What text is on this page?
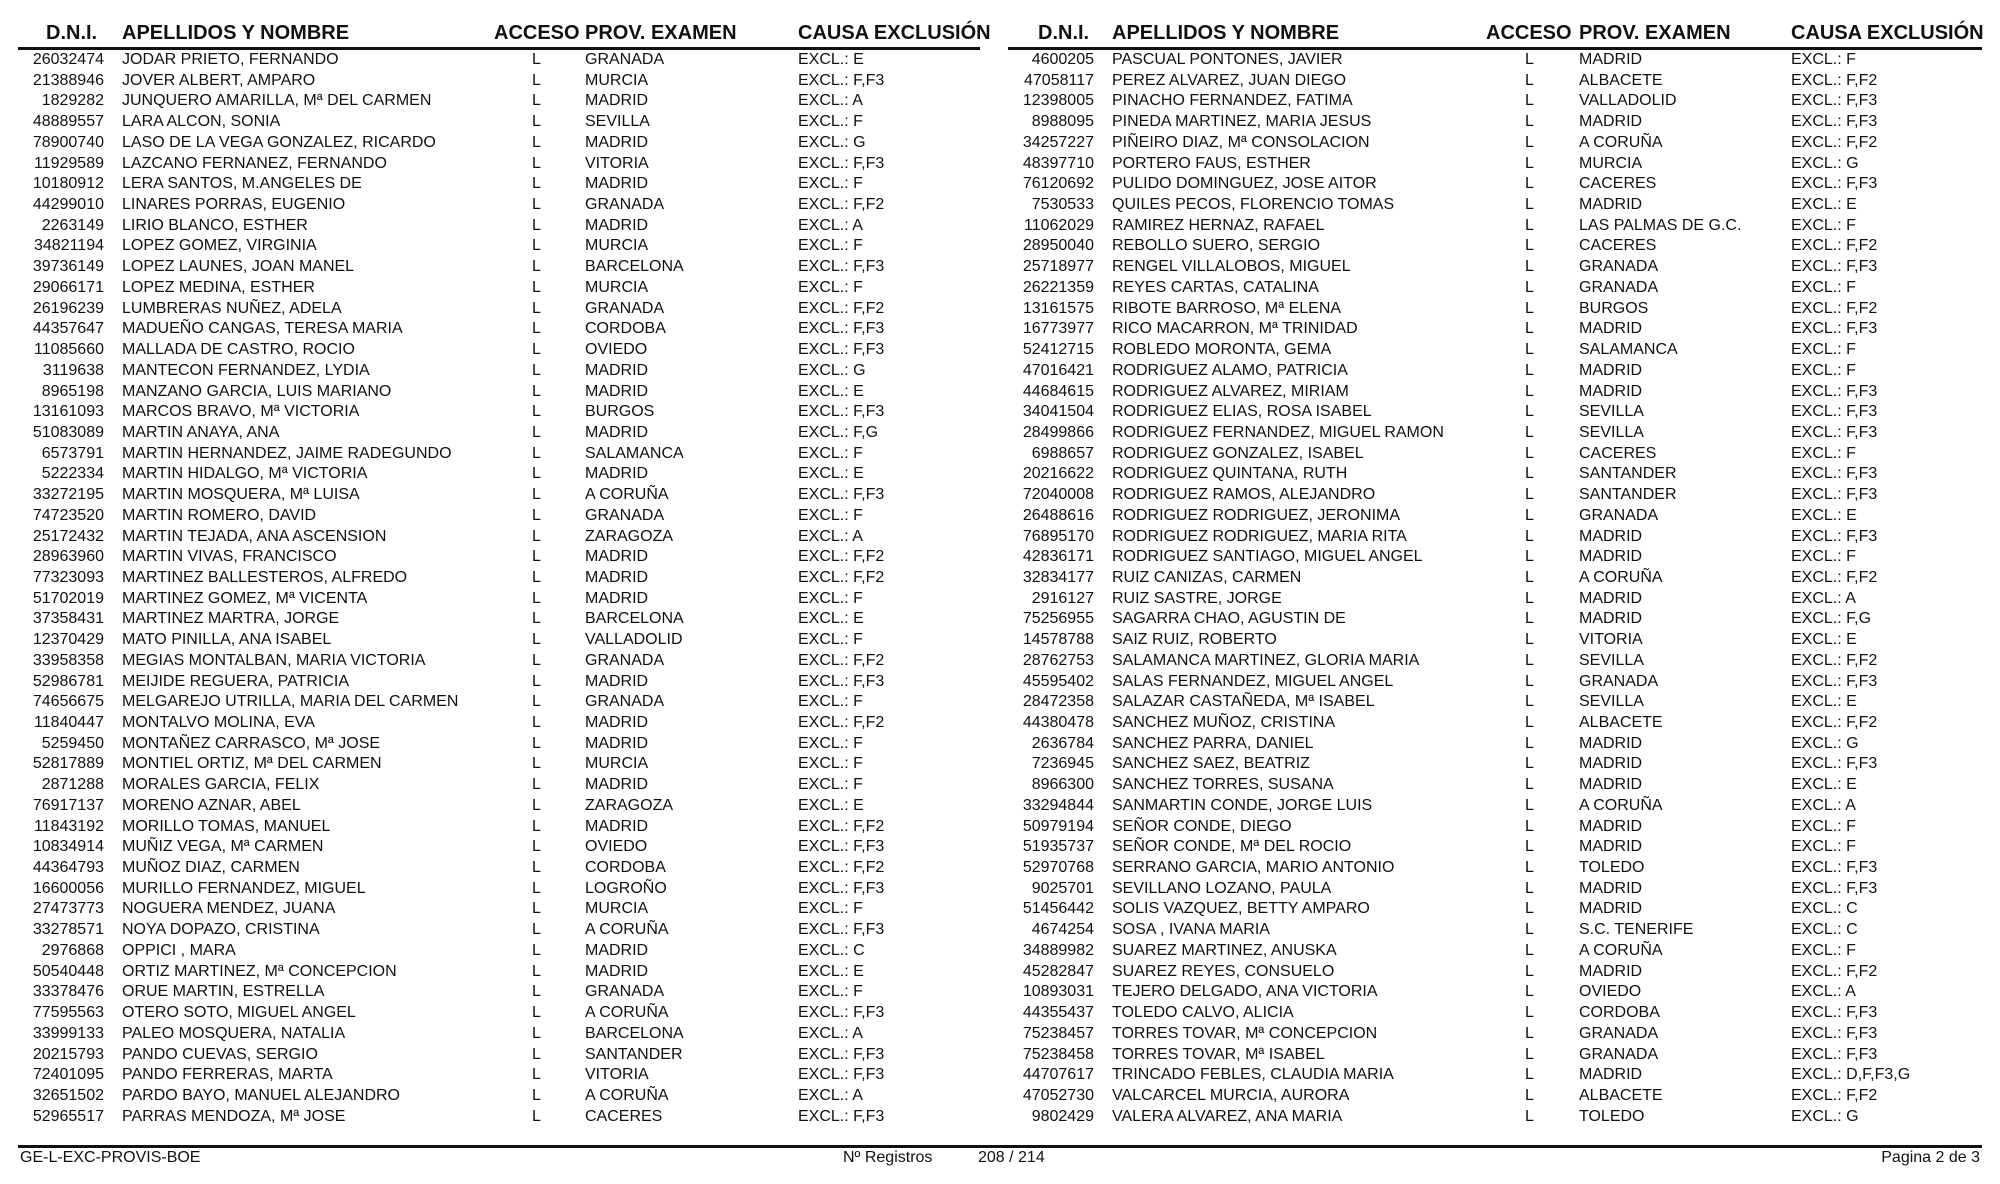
D.N.I. APELLIDOS Y NOMBRE	ACCESO PROV. EXAMEN	CAUSA EXCLUSIÓN
26032474 JODAR PRIETO, FERNANDO	L	GRANADA	EXCL.: E
21388946 JOVER ALBERT, AMPARO	L	MURCIA	EXCL.: F,F3
1829282 JUNQUERO AMARILLA, Mª DEL CARMEN	L	MADRID	EXCL.: A
48889557 LARA ALCON, SONIA	L	SEVILLA	EXCL.: F
78900740 LASO DE LA VEGA GONZALEZ, RICARDO	L	MADRID	EXCL.: G
11929589 LAZCANO FERNANEZ, FERNANDO	L	VITORIA	EXCL.: F,F3
10180912 LERA SANTOS, M.ANGELES DE	L	MADRID	EXCL.: F
44299010 LINARES PORRAS, EUGENIO	L	GRANADA	EXCL.: F,F2
2263149 LIRIO BLANCO, ESTHER	L	MADRID	EXCL.: A
34821194 LOPEZ GOMEZ, VIRGINIA	L	MURCIA	EXCL.: F
39736149 LOPEZ LAUNES, JOAN MANEL	L	BARCELONA	EXCL.: F,F3
29066171 LOPEZ MEDINA, ESTHER	L	MURCIA	EXCL.: F
26196239 LUMBRERAS NUÑEZ, ADELA	L	GRANADA	EXCL.: F,F2
44357647 MADUEÑO CANGAS, TERESA MARIA	L	CORDOBA	EXCL.: F,F3
11085660 MALLADA DE CASTRO, ROCIO	L	OVIEDO	EXCL.: F,F3
3119638 MANTECON FERNANDEZ, LYDIA	L	MADRID	EXCL.: G
8965198 MANZANO GARCIA, LUIS MARIANO	L	MADRID	EXCL.: E
13161093 MARCOS BRAVO, Mª VICTORIA	L	BURGOS	EXCL.: F,F3
51083089 MARTIN ANAYA, ANA	L	MADRID	EXCL.: F,G
6573791 MARTIN HERNANDEZ, JAIME RADEGUNDO	L	SALAMANCA	EXCL.: F
5222334 MARTIN HIDALGO, Mª VICTORIA	L	MADRID	EXCL.: E
33272195 MARTIN MOSQUERA, Mª LUISA	L	A CORUÑA	EXCL.: F,F3
74723520 MARTIN ROMERO, DAVID	L	GRANADA	EXCL.: F
25172432 MARTIN TEJADA, ANA ASCENSION	L	ZARAGOZA	EXCL.: A
28963960 MARTIN VIVAS, FRANCISCO	L	MADRID	EXCL.: F,F2
77323093 MARTINEZ BALLESTEROS, ALFREDO	L	MADRID	EXCL.: F,F2
51702019 MARTINEZ GOMEZ, Mª VICENTA	L	MADRID	EXCL.: F
37358431 MARTINEZ MARTRA, JORGE	L	BARCELONA	EXCL.: E
12370429 MATO PINILLA, ANA ISABEL	L	VALLADOLID	EXCL.: F
33958358 MEGIAS MONTALBAN, MARIA VICTORIA	L	GRANADA	EXCL.: F,F2
52986781 MEIJIDE REGUERA, PATRICIA	L	MADRID	EXCL.: F,F3
74656675 MELGAREJO UTRILLA, MARIA DEL CARMEN	L	GRANADA	EXCL.: F
11840447 MONTALVO MOLINA, EVA	L	MADRID	EXCL.: F,F2
5259450 MONTAÑEZ CARRASCO, Mª JOSE	L	MADRID	EXCL.: F
52817889 MONTIEL ORTIZ, Mª DEL CARMEN	L	MURCIA	EXCL.: F
2871288 MORALES GARCIA, FELIX	L	MADRID	EXCL.: F
76917137 MORENO AZNAR, ABEL	L	ZARAGOZA	EXCL.: E
11843192 MORILLO TOMAS, MANUEL	L	MADRID	EXCL.: F,F2
10834914 MUÑIZ VEGA, Mª CARMEN	L	OVIEDO	EXCL.: F,F3
44364793 MUÑOZ DIAZ, CARMEN	L	CORDOBA	EXCL.: F,F2
16600056 MURILLO FERNANDEZ, MIGUEL	L	LOGROÑO	EXCL.: F,F3
27473773 NOGUERA MENDEZ, JUANA	L	MURCIA	EXCL.: F
33278571 NOYA DOPAZO, CRISTINA	L	A CORUÑA	EXCL.: F,F3
2976868 OPPICI , MARA	L	MADRID	EXCL.: C
50540448 ORTIZ MARTINEZ, Mª CONCEPCION	L	MADRID	EXCL.: E
33378476 ORUE MARTIN, ESTRELLA	L	GRANADA	EXCL.: F
77595563 OTERO SOTO, MIGUEL ANGEL	L	A CORUÑA	EXCL.: F,F3
33999133 PALEO MOSQUERA, NATALIA	L	BARCELONA	EXCL.: A
20215793 PANDO CUEVAS, SERGIO	L	SANTANDER	EXCL.: F,F3
72401095 PANDO FERRERAS, MARTA	L	VITORIA	EXCL.: F,F3
32651502 PARDO BAYO, MANUEL ALEJANDRO	L	A CORUÑA	EXCL.: A
52965517 PARRAS MENDOZA, Mª JOSE	L	CACERES	EXCL.: F,F3
D.N.I. APELLIDOS Y NOMBRE	ACCESO PROV. EXAMEN	CAUSA EXCLUSIÓN
4600205 PASCUAL PONTONES, JAVIER	L	MADRID	EXCL.: F
47058117 PEREZ ALVAREZ, JUAN DIEGO	L	ALBACETE	EXCL.: F,F2
12398005 PINACHO FERNANDEZ, FATIMA	L	VALLADOLID	EXCL.: F,F3
8988095 PINEDA MARTINEZ, MARIA JESUS	L	MADRID	EXCL.: F,F3
34257227 PIÑEIRO DIAZ, Mª CONSOLACION	L	A CORUÑA	EXCL.: F,F2
48397710 PORTERO FAUS, ESTHER	L	MURCIA	EXCL.: G
76120692 PULIDO DOMINGUEZ, JOSE AITOR	L	CACERES	EXCL.: F,F3
7530533 QUILES PECOS, FLORENCIO TOMAS	L	MADRID	EXCL.: E
11062029 RAMIREZ HERNAZ, RAFAEL	L	LAS PALMAS DE G.C.	EXCL.: F
28950040 REBOLLO SUERO, SERGIO	L	CACERES	EXCL.: F,F2
25718977 RENGEL VILLALOBOS, MIGUEL	L	GRANADA	EXCL.: F,F3
26221359 REYES CARTAS, CATALINA	L	GRANADA	EXCL.: F
13161575 RIBOTE BARROSO, Mª ELENA	L	BURGOS	EXCL.: F,F2
16773977 RICO MACARRON, Mª TRINIDAD	L	MADRID	EXCL.: F,F3
52412715 ROBLEDO MORONTA, GEMA	L	SALAMANCA	EXCL.: F
47016421 RODRIGUEZ ALAMO, PATRICIA	L	MADRID	EXCL.: F
44684615 RODRIGUEZ ALVAREZ, MIRIAM	L	MADRID	EXCL.: F,F3
34041504 RODRIGUEZ ELIAS, ROSA ISABEL	L	SEVILLA	EXCL.: F,F3
28499866 RODRIGUEZ FERNANDEZ, MIGUEL RAMON	L	SEVILLA	EXCL.: F,F3
6988657 RODRIGUEZ GONZALEZ, ISABEL	L	CACERES	EXCL.: F
20216622 RODRIGUEZ QUINTANA, RUTH	L	SANTANDER	EXCL.: F,F3
72040008 RODRIGUEZ RAMOS, ALEJANDRO	L	SANTANDER	EXCL.: F,F3
26488616 RODRIGUEZ RODRIGUEZ, JERONIMA	L	GRANADA	EXCL.: E
76895170 RODRIGUEZ RODRIGUEZ, MARIA RITA	L	MADRID	EXCL.: F,F3
42836171 RODRIGUEZ SANTIAGO, MIGUEL ANGEL	L	MADRID	EXCL.: F
32834177 RUIZ CANIZAS, CARMEN	L	A CORUÑA	EXCL.: F,F2
2916127 RUIZ SASTRE, JORGE	L	MADRID	EXCL.: A
75256955 SAGARRA CHAO, AGUSTIN DE	L	MADRID	EXCL.: F,G
14578788 SAIZ RUIZ, ROBERTO	L	VITORIA	EXCL.: E
28762753 SALAMANCA MARTINEZ, GLORIA MARIA	L	SEVILLA	EXCL.: F,F2
45595402 SALAS FERNANDEZ, MIGUEL ANGEL	L	GRANADA	EXCL.: F,F3
28472358 SALAZAR CASTAÑEDA, Mª ISABEL	L	SEVILLA	EXCL.: E
44380478 SANCHEZ MUÑOZ, CRISTINA	L	ALBACETE	EXCL.: F,F2
2636784 SANCHEZ PARRA, DANIEL	L	MADRID	EXCL.: G
7236945 SANCHEZ SAEZ, BEATRIZ	L	MADRID	EXCL.: F,F3
8966300 SANCHEZ TORRES, SUSANA	L	MADRID	EXCL.: E
33294844 SANMARTIN CONDE, JORGE LUIS	L	A CORUÑA	EXCL.: A
50979194 SEÑOR CONDE, DIEGO	L	MADRID	EXCL.: F
51935737 SEÑOR CONDE, Mª DEL ROCIO	L	MADRID	EXCL.: F
52970768 SERRANO GARCIA, MARIO ANTONIO	L	TOLEDO	EXCL.: F,F3
9025701 SEVILLANO LOZANO, PAULA	L	MADRID	EXCL.: F,F3
51456442 SOLIS VAZQUEZ, BETTY AMPARO	L	MADRID	EXCL.: C
4674254 SOSA , IVANA MARIA	L	S.C. TENERIFE	EXCL.: C
34889982 SUAREZ MARTINEZ, ANUSKA	L	A CORUÑA	EXCL.: F
45282847 SUAREZ REYES, CONSUELO	L	MADRID	EXCL.: F,F2
10893031 TEJERO DELGADO, ANA VICTORIA	L	OVIEDO	EXCL.: A
44355437 TOLEDO CALVO, ALICIA	L	CORDOBA	EXCL.: F,F3
75238457 TORRES TOVAR, Mª CONCEPCION	L	GRANADA	EXCL.: F,F3
75238458 TORRES TOVAR, Mª ISABEL	L	GRANADA	EXCL.: F,F3
44707617 TRINCADO FEBLES, CLAUDIA MARIA	L	MADRID	EXCL.: D,F,F3,G
47052730 VALCARCEL MURCIA, AURORA	L	ALBACETE	EXCL.: F,F2
9802429 VALERA ALVAREZ, ANA MARIA	L	TOLEDO	EXCL.: G
GE-L-EXC-PROVIS-BOE	Nº Registros	208 / 214	Pagina 2 de 3
